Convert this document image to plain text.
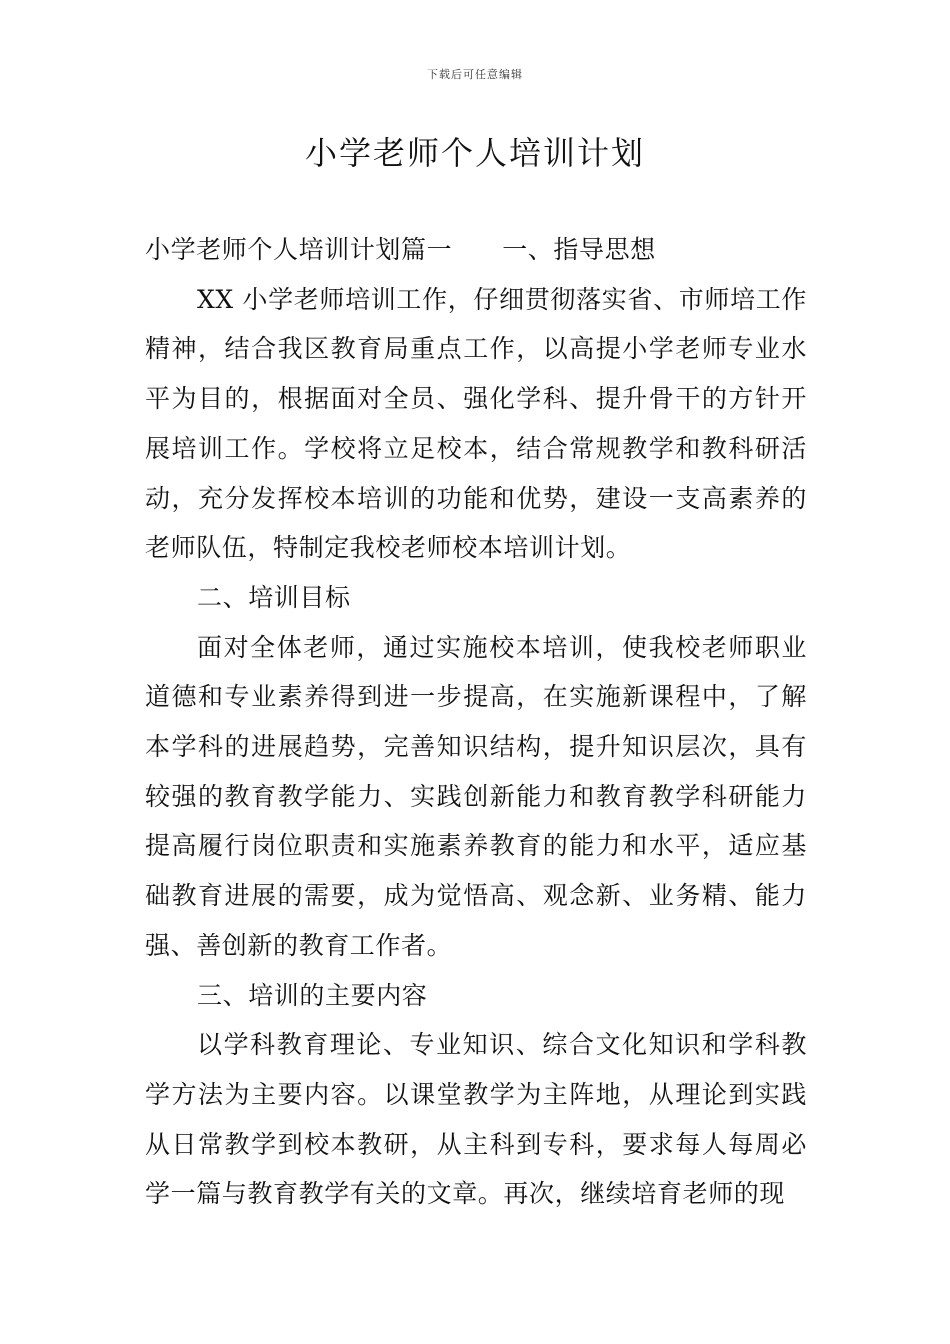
下载后可任意编辑
小学老师个人培训计划

小学老师个人培训计划篇一 一、指导思想

XX 小学老师培训工作，仔细贯彻落实省、市师培工作精神，结合我区教育局重点工作，以高提小学老师专业水平为目的，根据面对全员、强化学科、提升骨干的方针开展培训工作。学校将立足校本，结合常规教学和教科研活动，充分发挥校本培训的功能和优势，建设一支高素养的老师队伍，特制定我校老师校本培训计划。

二、培训目标

面对全体老师，通过实施校本培训，使我校老师职业道德和专业素养得到进一步提高，在实施新课程中，了解本学科的进展趋势，完善知识结构，提升知识层次，具有较强的教育教学能力、实践创新能力和教育教学科研能力提高履行岗位职责和实施素养教育的能力和水平，适应基础教育进展的需要，成为觉悟高、观念新、业务精、能力强、善创新的教育工作者。

三、培训的主要内容

以学科教育理论、专业知识、综合文化知识和学科教学方法为主要内容。以课堂教学为主阵地，从理论到实践从日常教学到校本教研，从主科到专科，要求每人每周必学一篇与教育教学有关的文章。再次，继续培育老师的现
